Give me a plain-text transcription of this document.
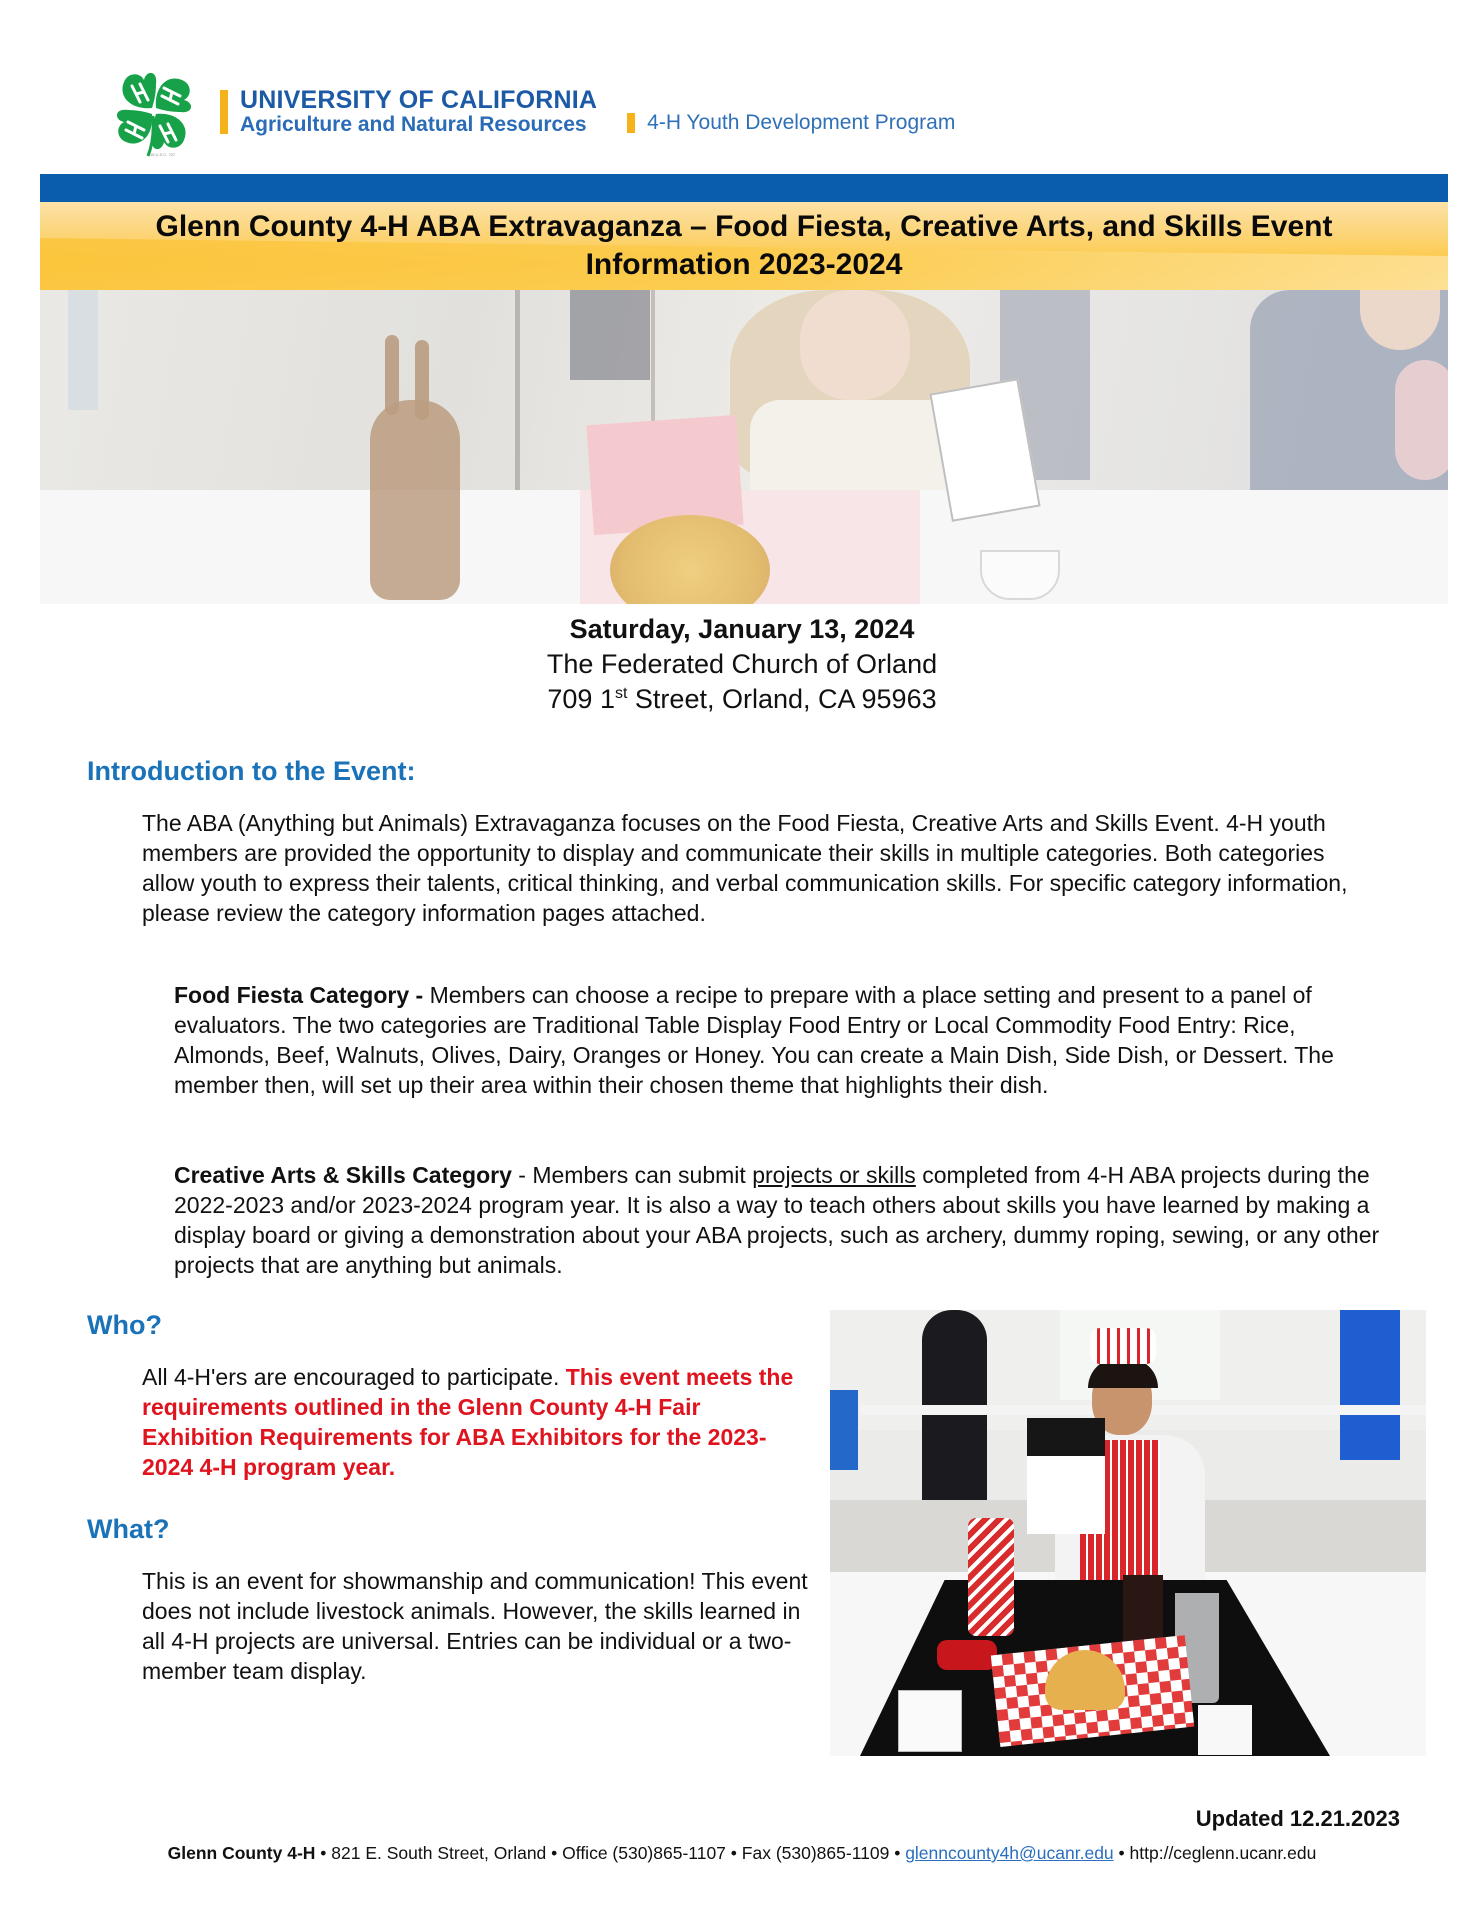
18 U.S.C. 707
UNIVERSITY OF CALIFORNIA
Agriculture and Natural Resources	4-H Youth Development Program
Glenn County 4-H ABA Extravaganza – Food Fiesta, Creative Arts, and Skills Event
Information 2023-2024
Saturday, January 13, 2024
The Federated Church of Orland
709 1st Street, Orland, CA 95963
Introduction to the Event:
The ABA (Anything but Animals) Extravaganza focuses on the Food Fiesta, Creative Arts and Skills Event. 4-H youth members are provided the opportunity to display and communicate their skills in multiple categories. Both categories allow youth to express their talents, critical thinking, and verbal communication skills. For specific category information, please review the category information pages attached.
Food Fiesta Category - Members can choose a recipe to prepare with a place setting and present to a panel of evaluators. The two categories are Traditional Table Display Food Entry or Local Commodity Food Entry: Rice, Almonds, Beef, Walnuts, Olives, Dairy, Oranges or Honey. You can create a Main Dish, Side Dish, or Dessert. The member then, will set up their area within their chosen theme that highlights their dish.
Creative Arts & Skills Category - Members can submit projects or skills completed from 4-H ABA projects during the 2022-2023 and/or 2023-2024 program year. It is also a way to teach others about skills you have learned by making a display board or giving a demonstration about your ABA projects, such as archery, dummy roping, sewing, or any other projects that are anything but animals.
Who?
All 4-H'ers are encouraged to participate. This event meets the requirements outlined in the Glenn County 4-H Fair Exhibition Requirements for ABA Exhibitors for the 2023-2024 4-H program year.
What?
This is an event for showmanship and communication! This event does not include livestock animals. However, the skills learned in all 4-H projects are universal. Entries can be individual or a two-member team display.
Updated 12.21.2023
Glenn County 4-H • 821 E. South Street, Orland • Office (530)865-1107 • Fax (530)865-1109 • glenncounty4h@ucanr.edu • http://ceglenn.ucanr.edu
